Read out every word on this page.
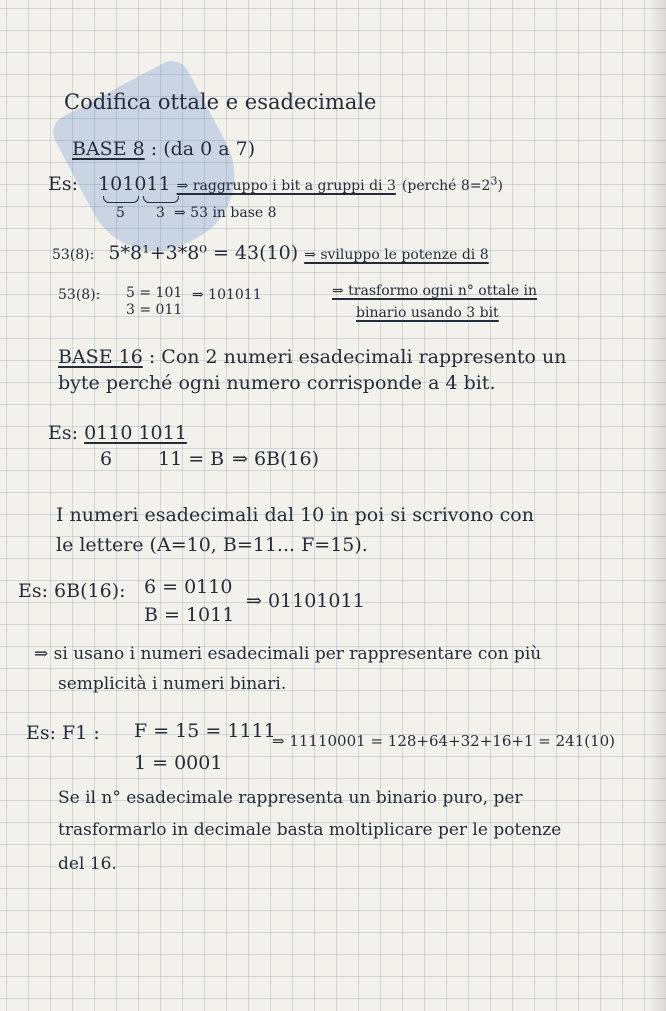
Codifica ottale e esadecimale
BASE 8 : (da 0 a 7)
Es: 101011 ⇒ raggruppo i bit a gruppi di 3 (perché $8=2^3$)
5 3 ⇒ 53 in base 8
53(8): 5*8¹+3*8⁰ = 43(10) ⇒ sviluppo le potenze di 8
53(8): 5 = 101
3 = 011
⇒ 101011	⇒ trasformo ogni n° ottale in
binario usando 3 bit
BASE 16 : Con 2 numeri esadecimali rappresento un
byte perché ogni numero corrisponde a 4 bit.
Es: 0110 1011
6 11 = B ⇒ 6B(16)
I numeri esadecimali dal 10 in poi si scrivono con
le lettere (A=10, B=11... F=15).
Es: 6B(16): 6 = 0110
B = 1011
⇒ 01101011
⇒ si usano i numeri esadecimali per rappresentare con più
semplicità i numeri binari.
Es: F1 : F = 15 = 1111
1 = 0001
⇒ 11110001 = 128+64+32+16+1 = 241(10)
Se il n° esadecimale rappresenta un binario puro, per
trasformarlo in decimale basta moltiplicare per le potenze
del 16.
